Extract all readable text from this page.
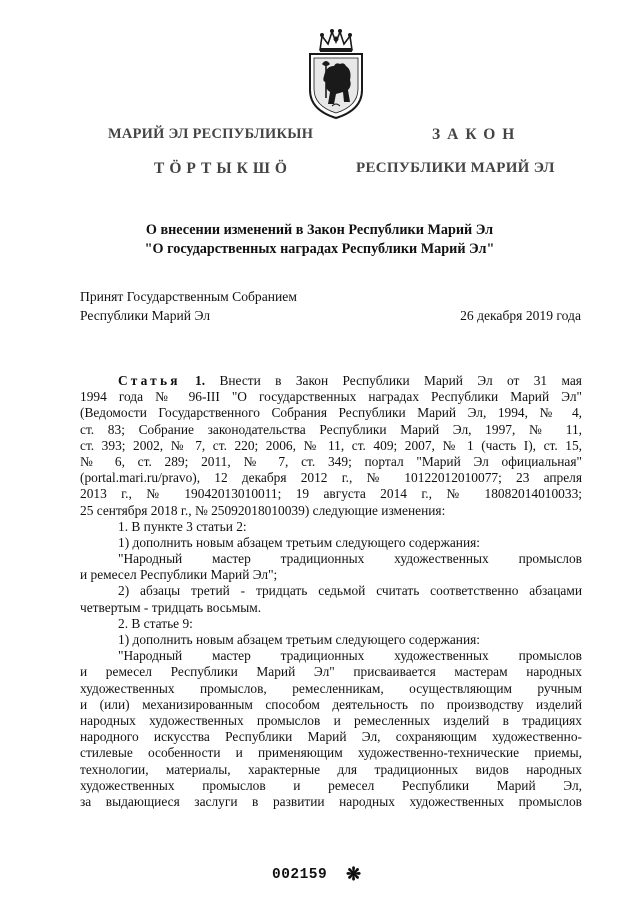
МАРИЙ ЭЛ РЕСПУБЛИКЫН
ТÖРТЫКШÖ
ЗАКОН
РЕСПУБЛИКИ МАРИЙ ЭЛ
О внесении изменений в Закон Республики Марий Эл
"О государственных наградах Республики Марий Эл"
Принят Государственным Собранием
Республики Марий Эл	26 декабря 2019 года
Статья 1. Внести в Закон Республики Марий Эл от 31 мая
1994 года № 96-III "О государственных наградах Республики Марий Эл"
(Ведомости Государственного Собрания Республики Марий Эл, 1994, № 4,
ст. 83; Собрание законодательства Республики Марий Эл, 1997, № 11,
ст. 393; 2002, № 7, ст. 220; 2006, № 11, ст. 409; 2007, № 1 (часть I), ст. 15,
№ 6, ст. 289; 2011, № 7, ст. 349; портал "Марий Эл официальная"
(portal.mari.ru/pravo), 12 декабря 2012 г., № 10122012010077; 23 апреля
2013 г., № 19042013010011; 19 августа 2014 г., № 18082014010033;
25 сентября 2018 г., № 25092018010039) следующие изменения:
1. В пункте 3 статьи 2:
1) дополнить новым абзацем третьим следующего содержания:
"Народный мастер традиционных художественных промыслов
и ремесел Республики Марий Эл";
2) абзацы третий - тридцать седьмой считать соответственно абзацами
четвертым - тридцать восьмым.
2. В статье 9:
1) дополнить новым абзацем третьим следующего содержания:
"Народный мастер традиционных художественных промыслов
и ремесел Республики Марий Эл" присваивается мастерам народных
художественных промыслов, ремесленникам, осуществляющим ручным
и (или) механизированным способом деятельность по производству изделий
народных художественных промыслов и ремесленных изделий в традициях
народного искусства Республики Марий Эл, сохраняющим художественно-
стилевые особенности и применяющим художественно-технические приемы,
технологии, материалы, характерные для традиционных видов народных
художественных промыслов и ремесел Республики Марий Эл,
за выдающиеся заслуги в развитии народных художественных промыслов
002159 ❋
